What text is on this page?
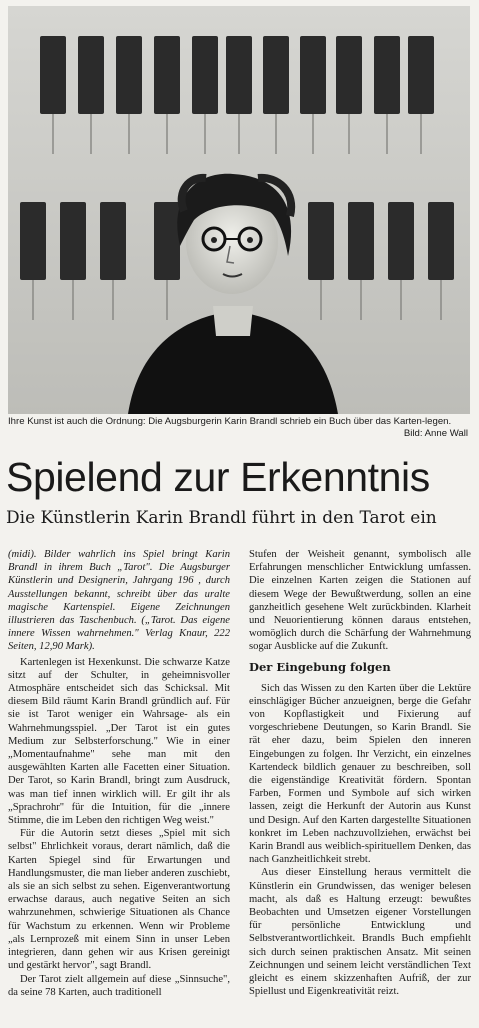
Ihre Kunst ist auch die Ordnung: Die Augsburgerin Karin Brandl schrieb ein Buch über das Karten-legen.
Bild: Anne Wall
Spielend zur Erkenntnis
Die Künstlerin Karin Brandl führt in den Tarot ein

(midi). Bilder wahrlich ins Spiel bringt Karin Brandl in ihrem Buch „Tarot". Die Augsburger Künstlerin und Designerin, Jahrgang 196 , durch Ausstellungen bekannt, schreibt über das uralte magische Kartenspiel. Eigene Zeichnungen illustrieren das Taschenbuch. („Tarot. Das eigene innere Wissen wahrnehmen." Verlag Knaur, 222 Seiten, 12,90 Mark).

Kartenlegen ist Hexenkunst. Die schwarze Katze sitzt auf der Schulter, in geheimnisvoller Atmosphäre entscheidet sich das Schicksal. Mit diesem Bild räumt Karin Brandl gründlich auf. Für sie ist Tarot weniger ein Wahrsage- als ein Wahrnehmungsspiel. „Der Tarot ist ein gutes Medium zur Selbsterforschung." Wie in einer „Momentaufnahme" sehe man mit den ausgewählten Karten alle Facetten einer Situation. Der Tarot, so Karin Brandl, bringt zum Ausdruck, was man tief innen wirklich will. Er gilt ihr als „Sprachrohr" für die Intuition, für die „innere Stimme, die im Leben den richtigen Weg weist."

Für die Autorin setzt dieses „Spiel mit sich selbst" Ehrlichkeit voraus, derart nämlich, daß die Karten Spiegel sind für Erwartungen und Handlungsmuster, die man lieber anderen zuschiebt, als sie an sich selbst zu sehen. Eigenverantwortung erwachse daraus, auch negative Seiten an sich wahrzunehmen, schwierige Situationen als Chance für Wachstum zu erkennen. Wenn wir Probleme „als Lernprozeß mit einem Sinn in unser Leben integrieren, dann gehen wir aus Krisen gereinigt und gestärkt hervor", sagt Brandl.

Der Tarot zielt allgemein auf diese „Sinnsuche", da seine 78 Karten, auch traditionell

Stufen der Weisheit genannt, symbolisch alle Erfahrungen menschlicher Entwicklung umfassen. Die einzelnen Karten zeigen die Stationen auf diesem Wege der Bewußtwerdung, sollen an eine ganzheitlich gesehene Welt zurückbinden. Klarheit und Neuorientierung können daraus entstehen, womöglich durch die Schärfung der Wahrnehmung sogar Ausblicke auf die Zukunft.

Der Eingebung folgen

Sich das Wissen zu den Karten über die Lektüre einschlägiger Bücher anzueignen, berge die Gefahr von Kopflastigkeit und Fixierung auf vorgeschriebene Deutungen, so Karin Brandl. Sie rät eher dazu, beim Spielen den inneren Eingebungen zu folgen. Ihr Verzicht, ein einzelnes Kartendeck bildlich genauer zu beschreiben, soll die eigenständige Kreativität fördern. Spontan Farben, Formen und Symbole auf sich wirken lassen, zeigt die Herkunft der Autorin aus Kunst und Design. Auf den Karten dargestellte Situationen konkret im Leben nachzuvollziehen, erwächst bei Karin Brandl aus weiblich-spirituellem Denken, das nach Ganzheitlichkeit strebt.

Aus dieser Einstellung heraus vermittelt die Künstlerin ein Grundwissen, das weniger belesen macht, als daß es Haltung erzeugt: bewußtes Beobachten und Umsetzen eigener Vorstellungen für persönliche Entwicklung und Selbstverantwortlichkeit. Brandls Buch empfiehlt sich durch seinen praktischen Ansatz. Mit seinen Zeichnungen und seinem leicht verständlichen Text gleicht es einem skizzenhaften Aufriß, der zur Spiellust und Eigenkreativität reizt.
